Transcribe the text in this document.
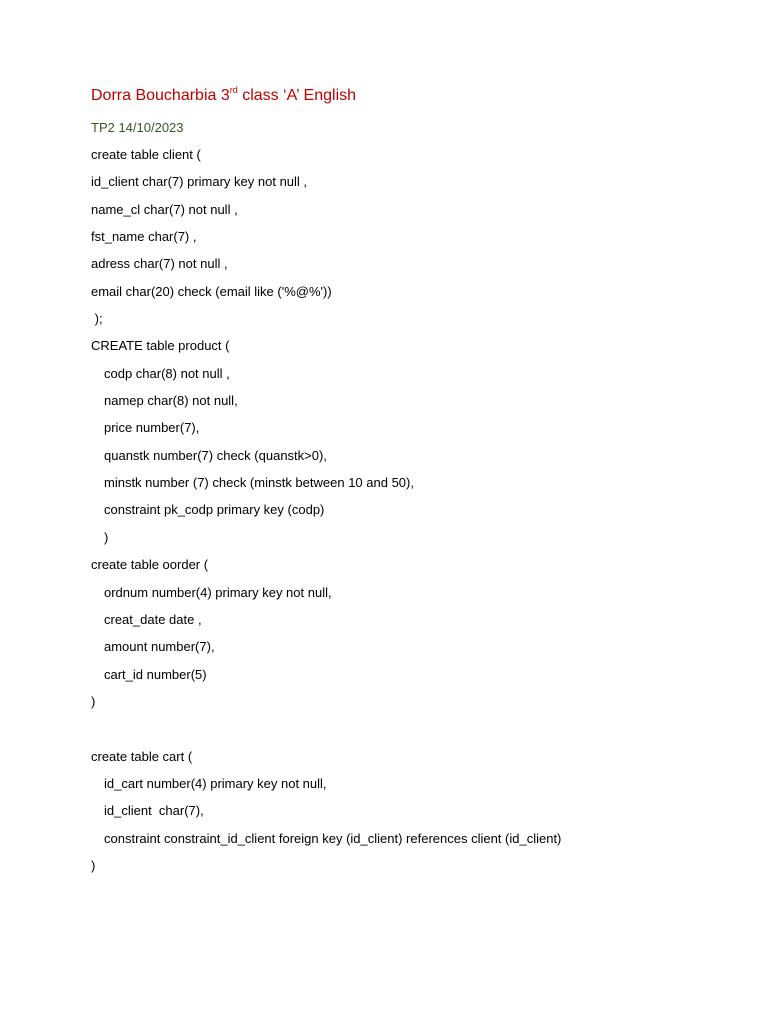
Dorra Boucharbia 3rd class ‘A’ English
TP2 14/10/2023
create table client (
id_client char(7) primary key not null ,
name_cl char(7) not null ,
fst_name char(7) ,
adress char(7) not null ,
email char(20) check (email like ('%@%'))
);
CREATE table product (
codp char(8) not null ,
namep char(8) not null,
price number(7),
quanstk number(7) check (quanstk>0),
minstk number (7) check (minstk between 10 and 50),
constraint pk_codp primary key (codp)
)
create table oorder (
ordnum number(4) primary key not null,
creat_date date ,
amount number(7),
cart_id number(5)
)
create table cart (
id_cart number(4) primary key not null,
id_client  char(7),
constraint constraint_id_client foreign key (id_client) references client (id_client)
)
